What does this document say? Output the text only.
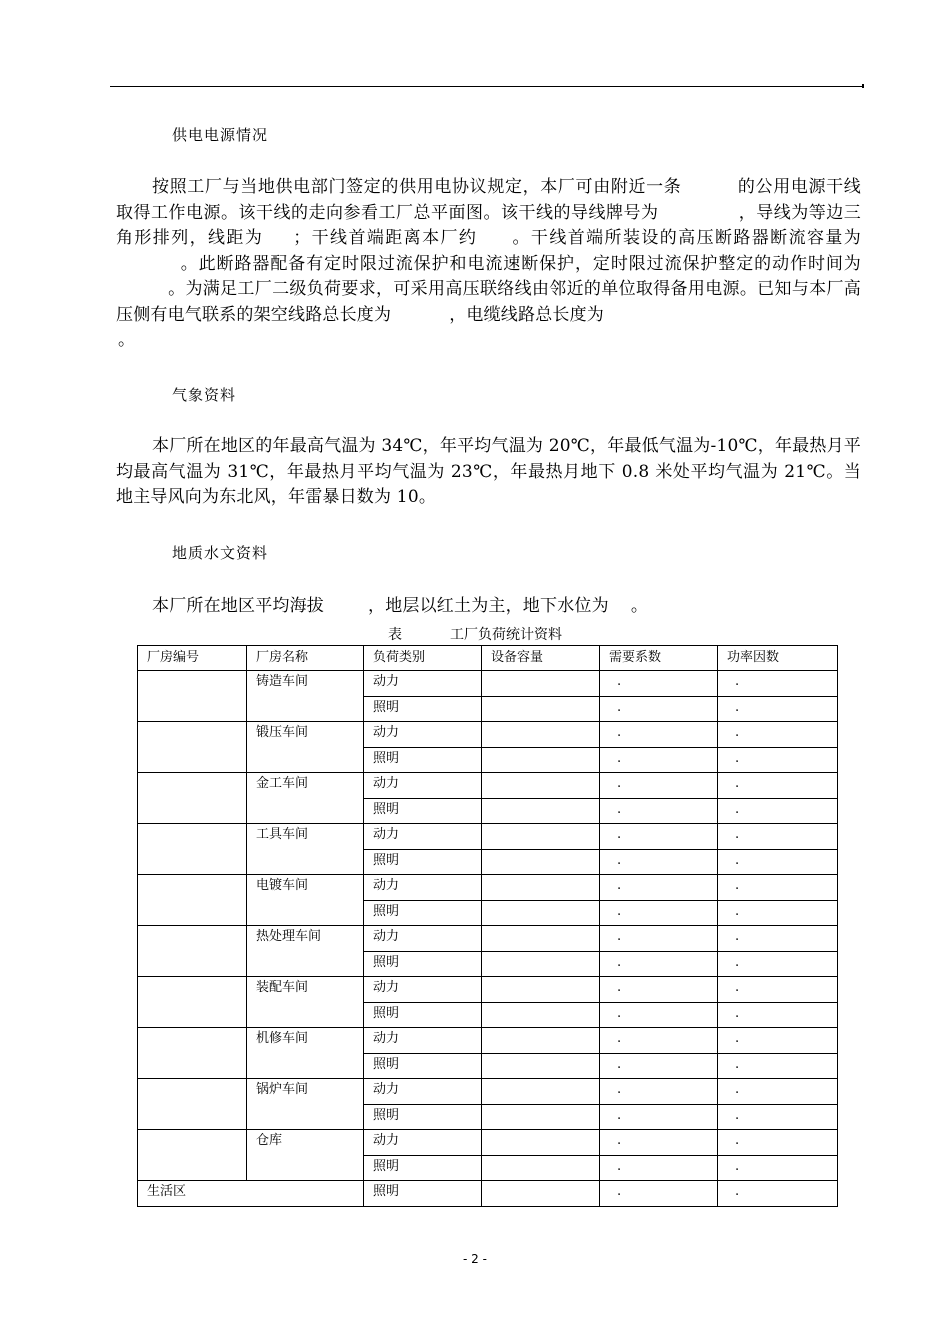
供电电源情况

按照工厂与当地供电部门签定的供用电协议规定，本厂可由附近一条	的公用电源干线取得工作电源。该干线的走向参看工厂总平面图。该干线的导线牌号为	，导线为等边三角形排列，线距为 ；干线首端距离本厂约 。干线首端所装设的高压断路器断流容量为。此断路器配备有定时限过流保护和电流速断保护，定时限过流保护整定的动作时间为。为满足工厂二级负荷要求，可采用高压联络线由邻近的单位取得备用电源。已知与本厂高压侧有电气联系的架空线路总长度为	，电缆线路总长度为
。

气象资料

本厂所在地区的年最高气温为 34℃，年平均气温为 20℃，年最低气温为-10℃，年最热月平均最高气温为 31℃，年最热月平均气温为 23℃，年最热月地下 0.8 米处平均气温为 21℃。当地主导风向为东北风，年雷暴日数为 10。

地质水文资料

本厂所在地区平均海拔	，地层以红土为主，地下水位为 。

表	工厂负荷统计资料

厂房编号	厂房名称	负荷类别	设备容量	需要系数	功率因数
	铸造车间	动力		.	.
		照明		.	.
	锻压车间	动力		.	.
		照明		.	.
	金工车间	动力		.	.
		照明		.	.
	工具车间	动力		.	.
		照明		.	.
	电镀车间	动力		.	.
		照明		.	.
	热处理车间	动力		.	.
		照明		.	.
	装配车间	动力		.	.
		照明		.	.
	机修车间	动力		.	.
		照明		.	.
	锅炉车间	动力		.	.
		照明		.	.
	仓库	动力		.	.
		照明		.	.
生活区		照明		.	.
- 2 -
